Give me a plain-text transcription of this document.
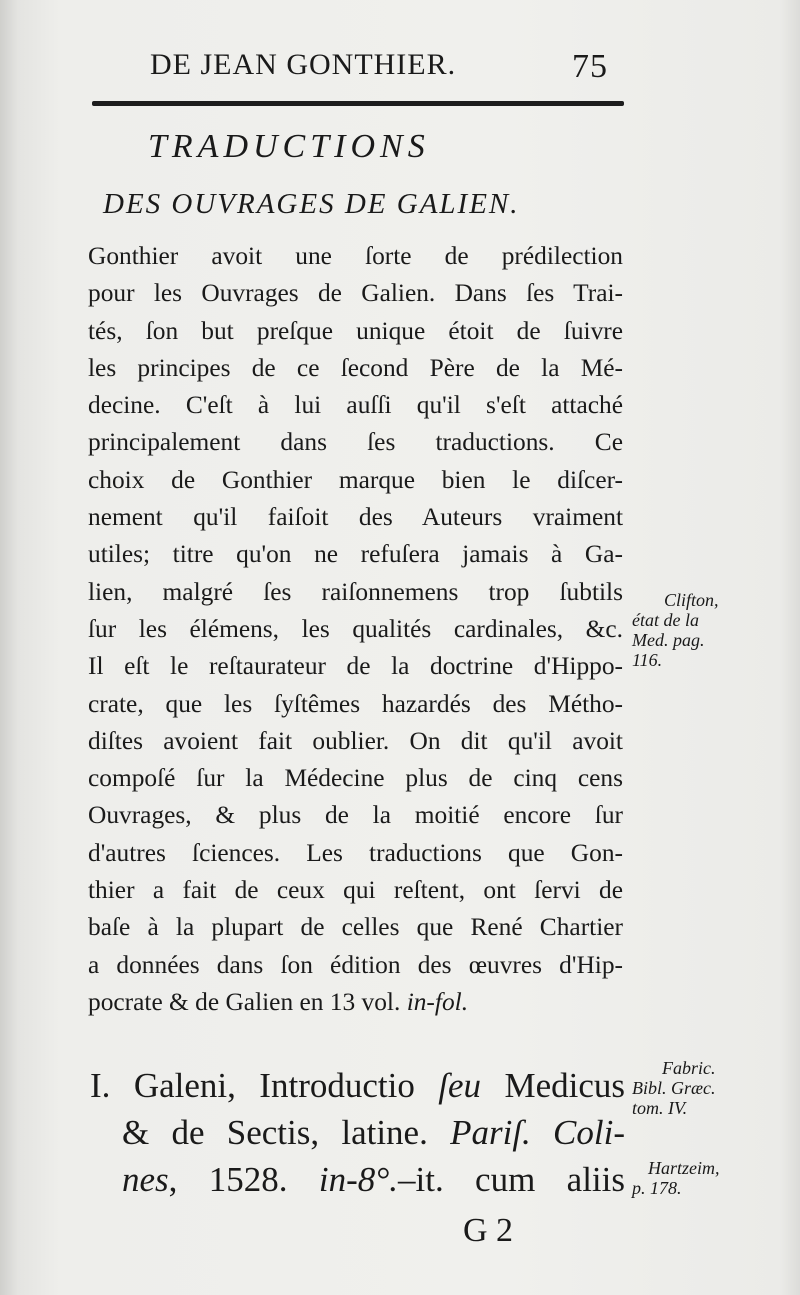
DE JEAN GONTHIER.	75
TRADUCTIONS
DES OUVRAGES DE GALIEN.
Gonthier avoit une ſorte de prédilection
pour les Ouvrages de Galien. Dans ſes Trai-
tés, ſon but preſque unique étoit de ſuivre
les principes de ce ſecond Père de la Mé-
decine. C'eſt à lui auſſi qu'il s'eſt attaché
principalement dans ſes traductions. Ce
choix de Gonthier marque bien le diſcer-
nement qu'il faiſoit des Auteurs vraiment
utiles; titre qu'on ne refuſera jamais à Ga-
lien, malgré ſes raiſonnemens trop ſubtils
ſur les élémens, les qualités cardinales, &c.
Il eſt le reſtaurateur de la doctrine d'Hippo-
crate, que les ſyſtêmes hazardés des Métho-
diſtes avoient fait oublier. On dit qu'il avoit
compoſé ſur la Médecine plus de cinq cens
Ouvrages, & plus de la moitié encore ſur
d'autres ſciences. Les traductions que Gon-
thier a fait de ceux qui reſtent, ont ſervi de
baſe à la plupart de celles que René Chartier
a données dans ſon édition des œuvres d'Hip-
pocrate & de Galien en 13 vol. in-fol.
I. Galeni, Introductio ſeu Medicus
& de Sectis, latine. Pariſ. Coli-
nes, 1528. in-8°.–it. cum aliis
G 2
Clifton,
état de la
Med. pag.
116.
Fabric.
Bibl. Græc.
tom. IV.
Hartzeim,
p. 178.
